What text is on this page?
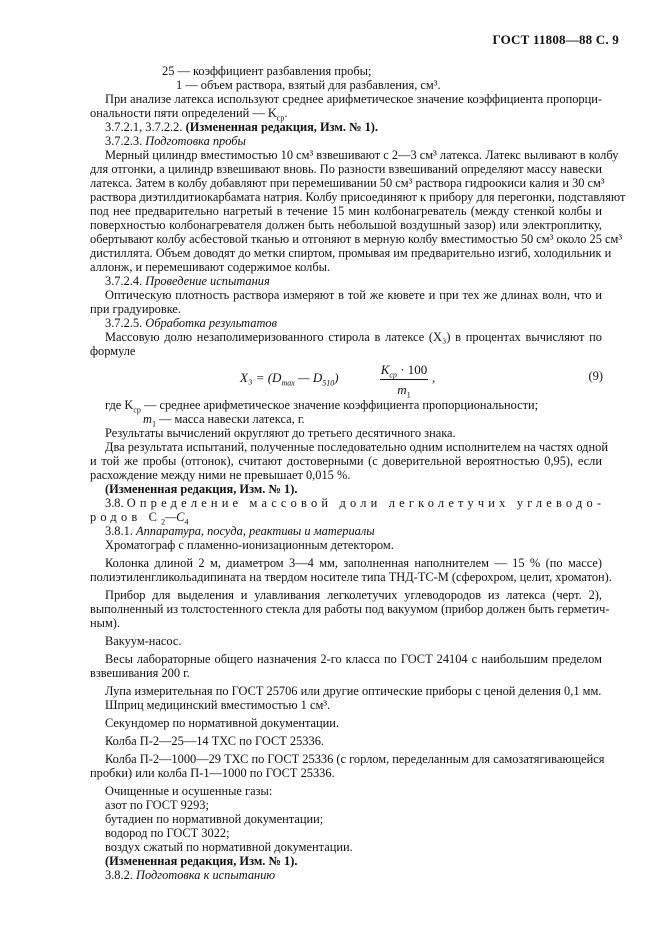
ГОСТ 11808—88 С. 9
25 — коэффициент разбавления пробы;
1 — объем раствора, взятый для разбавления, см³.
При анализе латекса используют среднее арифметическое значение коэффициента пропорци-
ональности пяти определений — $K_{ср}$.
3.7.2.1, 3.7.2.2. (Измененная редакция, Изм. № 1).
3.7.2.3. Подготовка пробы
Мерный цилиндр вместимостью 10 см³ взвешивают с 2—3 см³ латекса. Латекс выливают в колбу
для отгонки, а цилиндр взвешивают вновь. По разности взвешиваний определяют массу навески
латекса. Затем в колбу добавляют при перемешивании 50 см³ раствора гидроокиси калия и 30 см³
раствора диэтилдитиокарбамата натрия. Колбу присоединяют к прибору для перегонки, подставляют
под нее предварительно нагретый в течение 15 мин колбонагреватель (между стенкой колбы и
поверхностью колбонагревателя должен быть небольшой воздушный зазор) или электроплитку,
обертывают колбу асбестовой тканью и отгоняют в мерную колбу вместимостью 50 см³ около 25 см³
дистиллята. Объем доводят до метки спиртом, промывая им предварительно изгиб, холодильник и
аллонж, и перемешивают содержимое колбы.
3.7.2.4. Проведение испытания
Оптическую плотность раствора измеряют в той же кювете и при тех же длинах волн, что и
при градуировке.
3.7.2.5. Обработка результатов
Массовую долю незаполимеризованного стирола в латексе (X₃) в процентах вычисляют по
формуле
$X_3 = (D_{max}$ — $D_{510}$)
$K_{ср} \cdot 100$
$m_1$
,	(9)
где $K_{ср}$ — среднее арифметическое значение коэффициента пропорциональности;
$m_1$ — масса навески латекса, г.
Результаты вычислений округляют до третьего десятичного знака.
Два результата испытаний, полученные последовательно одним исполнителем на частях одной
и той же пробы (отгонок), считают достоверными (с доверительной вероятностью 0,95), если
расхождение между ними не превышает 0,015 %.
(Измененная редакция, Изм. № 1).
3.8. Определение массовой доли легколетучих углеводо-
родов $C_2—C_4$
3.8.1. Аппаратура, посуда, реактивы и материалы
Хроматограф с пламенно-ионизационным детектором.
Колонка длиной 2 м, диаметром 3—4 мм, заполненная наполнителем — 15 % (по массе)
полиэтиленгликольадипината на твердом носителе типа ТНД-ТС-М (сферохром, целит, хроматон).
Прибор для выделения и улавливания легколетучих углеводородов из латекса (черт. 2),
выполненный из толстостенного стекла для работы под вакуумом (прибор должен быть герметич-
ным).
Вакуум-насос.
Весы лабораторные общего назначения 2-го класса по ГОСТ 24104 с наибольшим пределом
взвешивания 200 г.
Лупа измерительная по ГОСТ 25706 или другие оптические приборы с ценой деления 0,1 мм.
Шприц медицинский вместимостью 1 см³.
Секундомер по нормативной документации.
Колба П-2—25—14 ТХС по ГОСТ 25336.
Колба П-2—1000—29 ТХС по ГОСТ 25336 (с горлом, переделанным для самозатягивающейся
пробки) или колба П-1—1000 по ГОСТ 25336.
Очищенные и осушенные газы:
азот по ГОСТ 9293;
бутадиен по нормативной документации;
водород по ГОСТ 3022;
воздух сжатый по нормативной документации.
(Измененная редакция, Изм. № 1).
3.8.2. Подготовка к испытанию
